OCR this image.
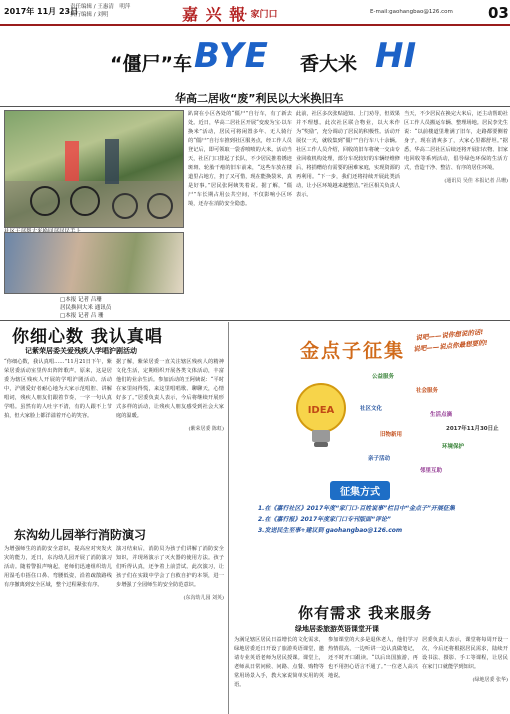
2017年 11月 23日
责任编辑 / 王惠清　明萍
执行编辑 / 刘明	嘉 兴 報
· 家门口	E-mail:gaohangbao@126.com 03
“僵尸”车 BYE 香大米 HI
华高二居收“废”利民以大米换旧车
□本报 记者 吕珊
居民换回大米 通讯员
□本报 记者 吕 珊
趴窝在小区各处的“僵尸”自行车，有了新去处。近日，华高二居社区开展“变废为宝·以车换米”活动，居民可将闲置多年、无人骑行的“僵尸”自行车推到社区服务点，经工作人员登记后，即可领取一袋香喷喷的大米。活动当天，社区门口排起了长队，不少居民推着锈迹斑斑、轮胎干瘪的旧车前来，“这些车放在楼道里占地方，扔了又可惜，现在能换袋米，真是好事。”居民张阿姨笑着说。据了解，“僵尸”车长期占用公共空间，不仅影响小区环境，还存在消防安全隐患。
此前，社区多次张贴通知、上门劝导，但效果并不理想。此次社区联合物业，以大米作为“奖励”，充分调动了居民的积极性。活动开展仅一天，就收集到“僵尸”自行车八十余辆。社区工作人员介绍，回收的旧车将统一交由专业回收机构处理，部分车况较好的车辆经维修后，将捐赠给有需要的困难家庭，实现资源的再利用。“下一步，我们还将持续开展此类活动，让小区环境越来越整洁。”社区相关负责人表示。
当天，不少居民在换完大米后，还主动帮助社区工作人员搬运车辆、整理场地。居民李先生说：“以前楼道里堆满了旧车，走路都要侧着身子，现在清爽多了，大家心里都舒坦。”据悉，华高二居社区后续还将开展旧衣物、旧家电回收等系列活动，倡导绿色环保的生活方式，营造干净、整洁、有序的居住环境。
(通讯员 吴佳 本报记者 吕珊)
你细心数 我认真唱
记紫荣居委关爱残疾人学唱沪剧活动
“你细心数，我认真唱……”11月21日下午，紫荣居委活动室里传出阵阵歌声。原来，这是居委为辖区残疾人开展的学唱沪剧活动。活动中，沪剧爱好者耐心地为大家示范唱腔、讲解唱词，残疾人朋友们跟着节奏，一字一句认真学唱。虽然有的人吐字不清，有的人跟不上节拍，但大家脸上都洋溢着开心的笑容。
据了解，紫荣居委一直关注辖区残疾人的精神文化生活，定期组织开展各类文体活动，丰富他们的业余生活。参加活动的王阿姨说：“平时在家里闷得慌，来这里唱唱歌、聊聊天，心情好多了。”居委负责人表示，今后将继续开展形式多样的活动，让残疾人朋友感受到社会大家庭的温暖。
(紫荣居委 陈虹)
东沟幼儿园举行消防演习
为增强师生的消防安全意识，提高应对突发火灾的能力，近日，东沟幼儿园开展了消防演习活动。随着警报声响起，老师们迅速组织幼儿用湿毛巾捂住口鼻、弯腰低姿，沿着疏散路线有序撤离到安全区域，整个过程紧张有序。
演习结束后，消防员为孩子们讲解了消防安全知识，并现场演示了灭火器的使用方法。孩子们听得认真，还争着上前尝试。此次演习，让孩子们在实践中学会了自救自护的本领，进一步增强了全园师生的安全防范意识。
(东沟幼儿园 刘英)
金点子征集
说吧——说你想说的话!
说吧——说点你最想要的!
IDEA
公益服务
社会服务
社区文化
生活点滴
旧物新用
环境保护
亲子活动
邻里互助
2017年11月30日止
征集方式
1.在《嘉行社区》2017年度“家门口·百姓说事”栏目中“金点子”开展征集
2.在《嘉行报》2017年度家门口专刊版面“评论”
3.发送民生至事+建议到 gaohangbao@126.com
你有需求 我来服务
绿地居委旅游英语课堂开课
为满足辖区居民日益增长的文化需求，绿地居委近日开设了旅游英语课堂，邀请专业英语老师为居民授课。课堂上，老师从日常问候、问路、点餐、购物等常用场景入手，教大家说简单实用的英语。
参加课堂的大多是退休老人，他们学习热情很高，一边听讲一边认真做笔记，还不时开口跟读。“以后出国旅游，再也不用担心语言不通了。”一位老人高兴地说。
居委负责人表示，课堂将每周开设一次，今后还将根据居民需求，陆续开设书法、摄影、手工等课程，让居民在家门口就能学到知识。
(绿地居委 张华)
